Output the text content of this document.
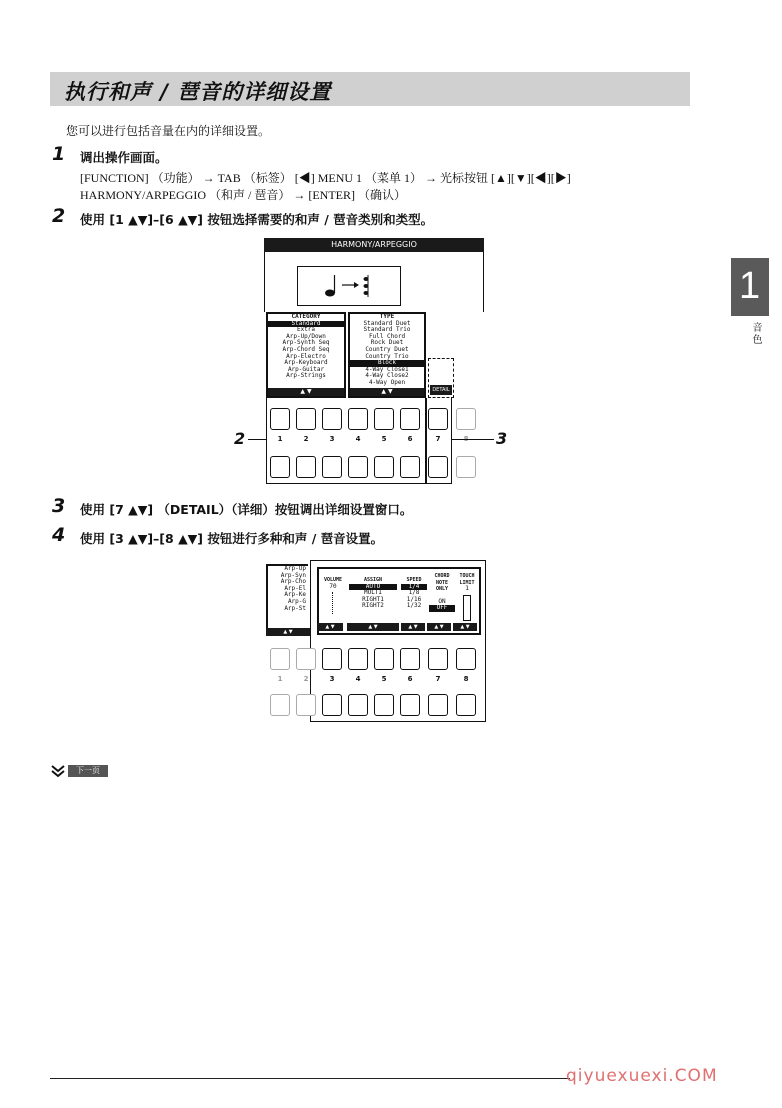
执行和声 / 琶音的详细设置
您可以进行包括音量在内的详细设置。
1 调出操作画面。
[FUNCTION] （功能） → TAB （标签） [◀] MENU 1 （菜单 1） → 光标按钮 [▲][▼][◀][▶]
HARMONY/ARPEGGIO （和声 / 琶音） → [ENTER] （确认）
2 使用 [1 ▲▼]–[6 ▲▼] 按钮选择需要的和声 / 琶音类别和类型。
1
音色
HARMONY/ARPEGGIO
CATEGORY
Standard
Extra
Arp-Up/Down
Arp-Synth Seq
Arp-Chord Seq
Arp-Electro
Arp-Keyboard
Arp-Guitar
Arp-Strings
▲ ▼
TYPE
Standard Duet
Standard Trio
Full Chord
Rock Duet
Country Duet
Country Trio
Block
4-Way Close1
4-Way Close2
4-Way Open
▲ ▼	DETAIL
1	2	3	4	5	6	7
2	3
3 使用 [7 ▲▼] （DETAIL）（详细）按钮调出详细设置窗口。
4 使用 [3 ▲▼]–[8 ▲▼] 按钮进行多种和声 / 琶音设置。
Arp-Up
Arp-Syn
Arp-Cho
Arp-El
Arp-Ke
Arp-G
Arp-St
▲ ▼
VOLUME
70
ASSIGN
AUTO
MULTI
RIGHT1
RIGHT2
SPEED
1/4
1/8
1/16
1/32
CHORD NOTE ONLY
ON
OFF
TOUCH LIMIT
1
▲ ▼	▲ ▼	▲ ▼	▲ ▼	▲ ▼
1	2	3	4	5	6	7	8
下一页
qiyuexuexi.COM
